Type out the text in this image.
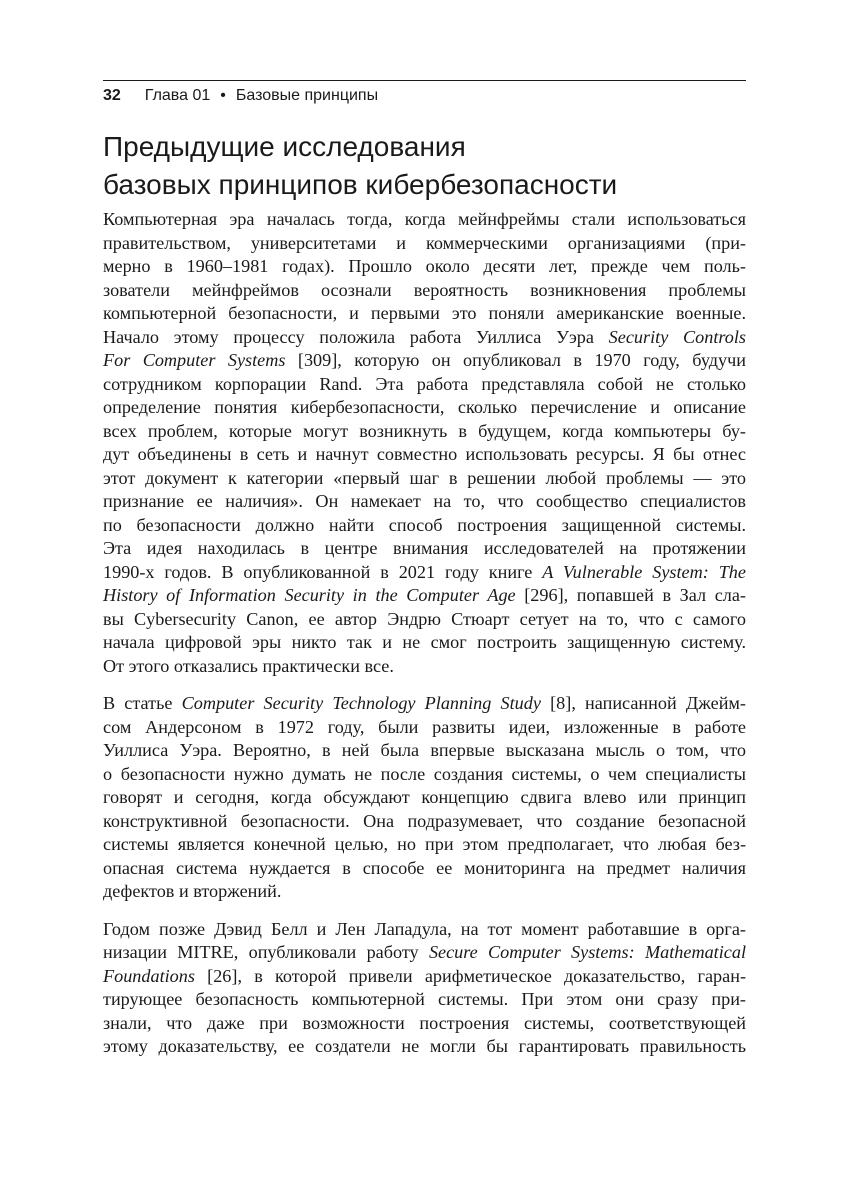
32 Глава 01 • Базовые принципы
Предыдущие исследования
базовых принципов кибербезопасности
Компьютерная эра началась тогда, когда мейнфреймы стали использоваться
правительством, университетами и коммерческими организациями (при-
мерно в 1960–1981 годах). Прошло около десяти лет, прежде чем поль-
зователи мейнфреймов осознали вероятность возникновения проблемы
компьютерной безопасности, и первыми это поняли американские военные.
Начало этому процессу положила работа Уиллиса Уэра Security Controls
For Computer Systems [309], которую он опубликовал в 1970 году, будучи
сотрудником корпорации Rand. Эта работа представляла собой не столько
определение понятия кибербезопасности, сколько перечисление и описание
всех проблем, которые могут возникнуть в будущем, когда компьютеры бу-
дут объединены в сеть и начнут совместно использовать ресурсы. Я бы отнес
этот документ к категории «первый шаг в решении любой проблемы — это
признание ее наличия». Он намекает на то, что сообщество специалистов
по безопасности должно найти способ построения защищенной системы.
Эта идея находилась в центре внимания исследователей на протяжении
1990-х годов. В опубликованной в 2021 году книге A Vulnerable System: The
History of Information Security in the Computer Age [296], попавшей в Зал сла-
вы Cybersecurity Canon, ее автор Эндрю Стюарт сетует на то, что с самого
начала цифровой эры никто так и не смог построить защищенную систему.
От этого отказались практически все.
В статье Computer Security Technology Planning Study [8], написанной Джейм-
сом Андерсоном в 1972 году, были развиты идеи, изложенные в работе
Уиллиса Уэра. Вероятно, в ней была впервые высказана мысль о том, что
о безопасности нужно думать не после создания системы, о чем специалисты
говорят и сегодня, когда обсуждают концепцию сдвига влево или принцип
конструктивной безопасности. Она подразумевает, что создание безопасной
системы является конечной целью, но при этом предполагает, что любая без-
опасная система нуждается в способе ее мониторинга на предмет наличия
дефектов и вторжений.
Годом позже Дэвид Белл и Лен Лападула, на тот момент работавшие в орга-
низации MITRE, опубликовали работу Secure Computer Systems: Mathematical
Foundations [26], в которой привели арифметическое доказательство, гаран-
тирующее безопасность компьютерной системы. При этом они сразу при-
знали, что даже при возможности построения системы, соответствующей
этому доказательству, ее создатели не могли бы гарантировать правильность
